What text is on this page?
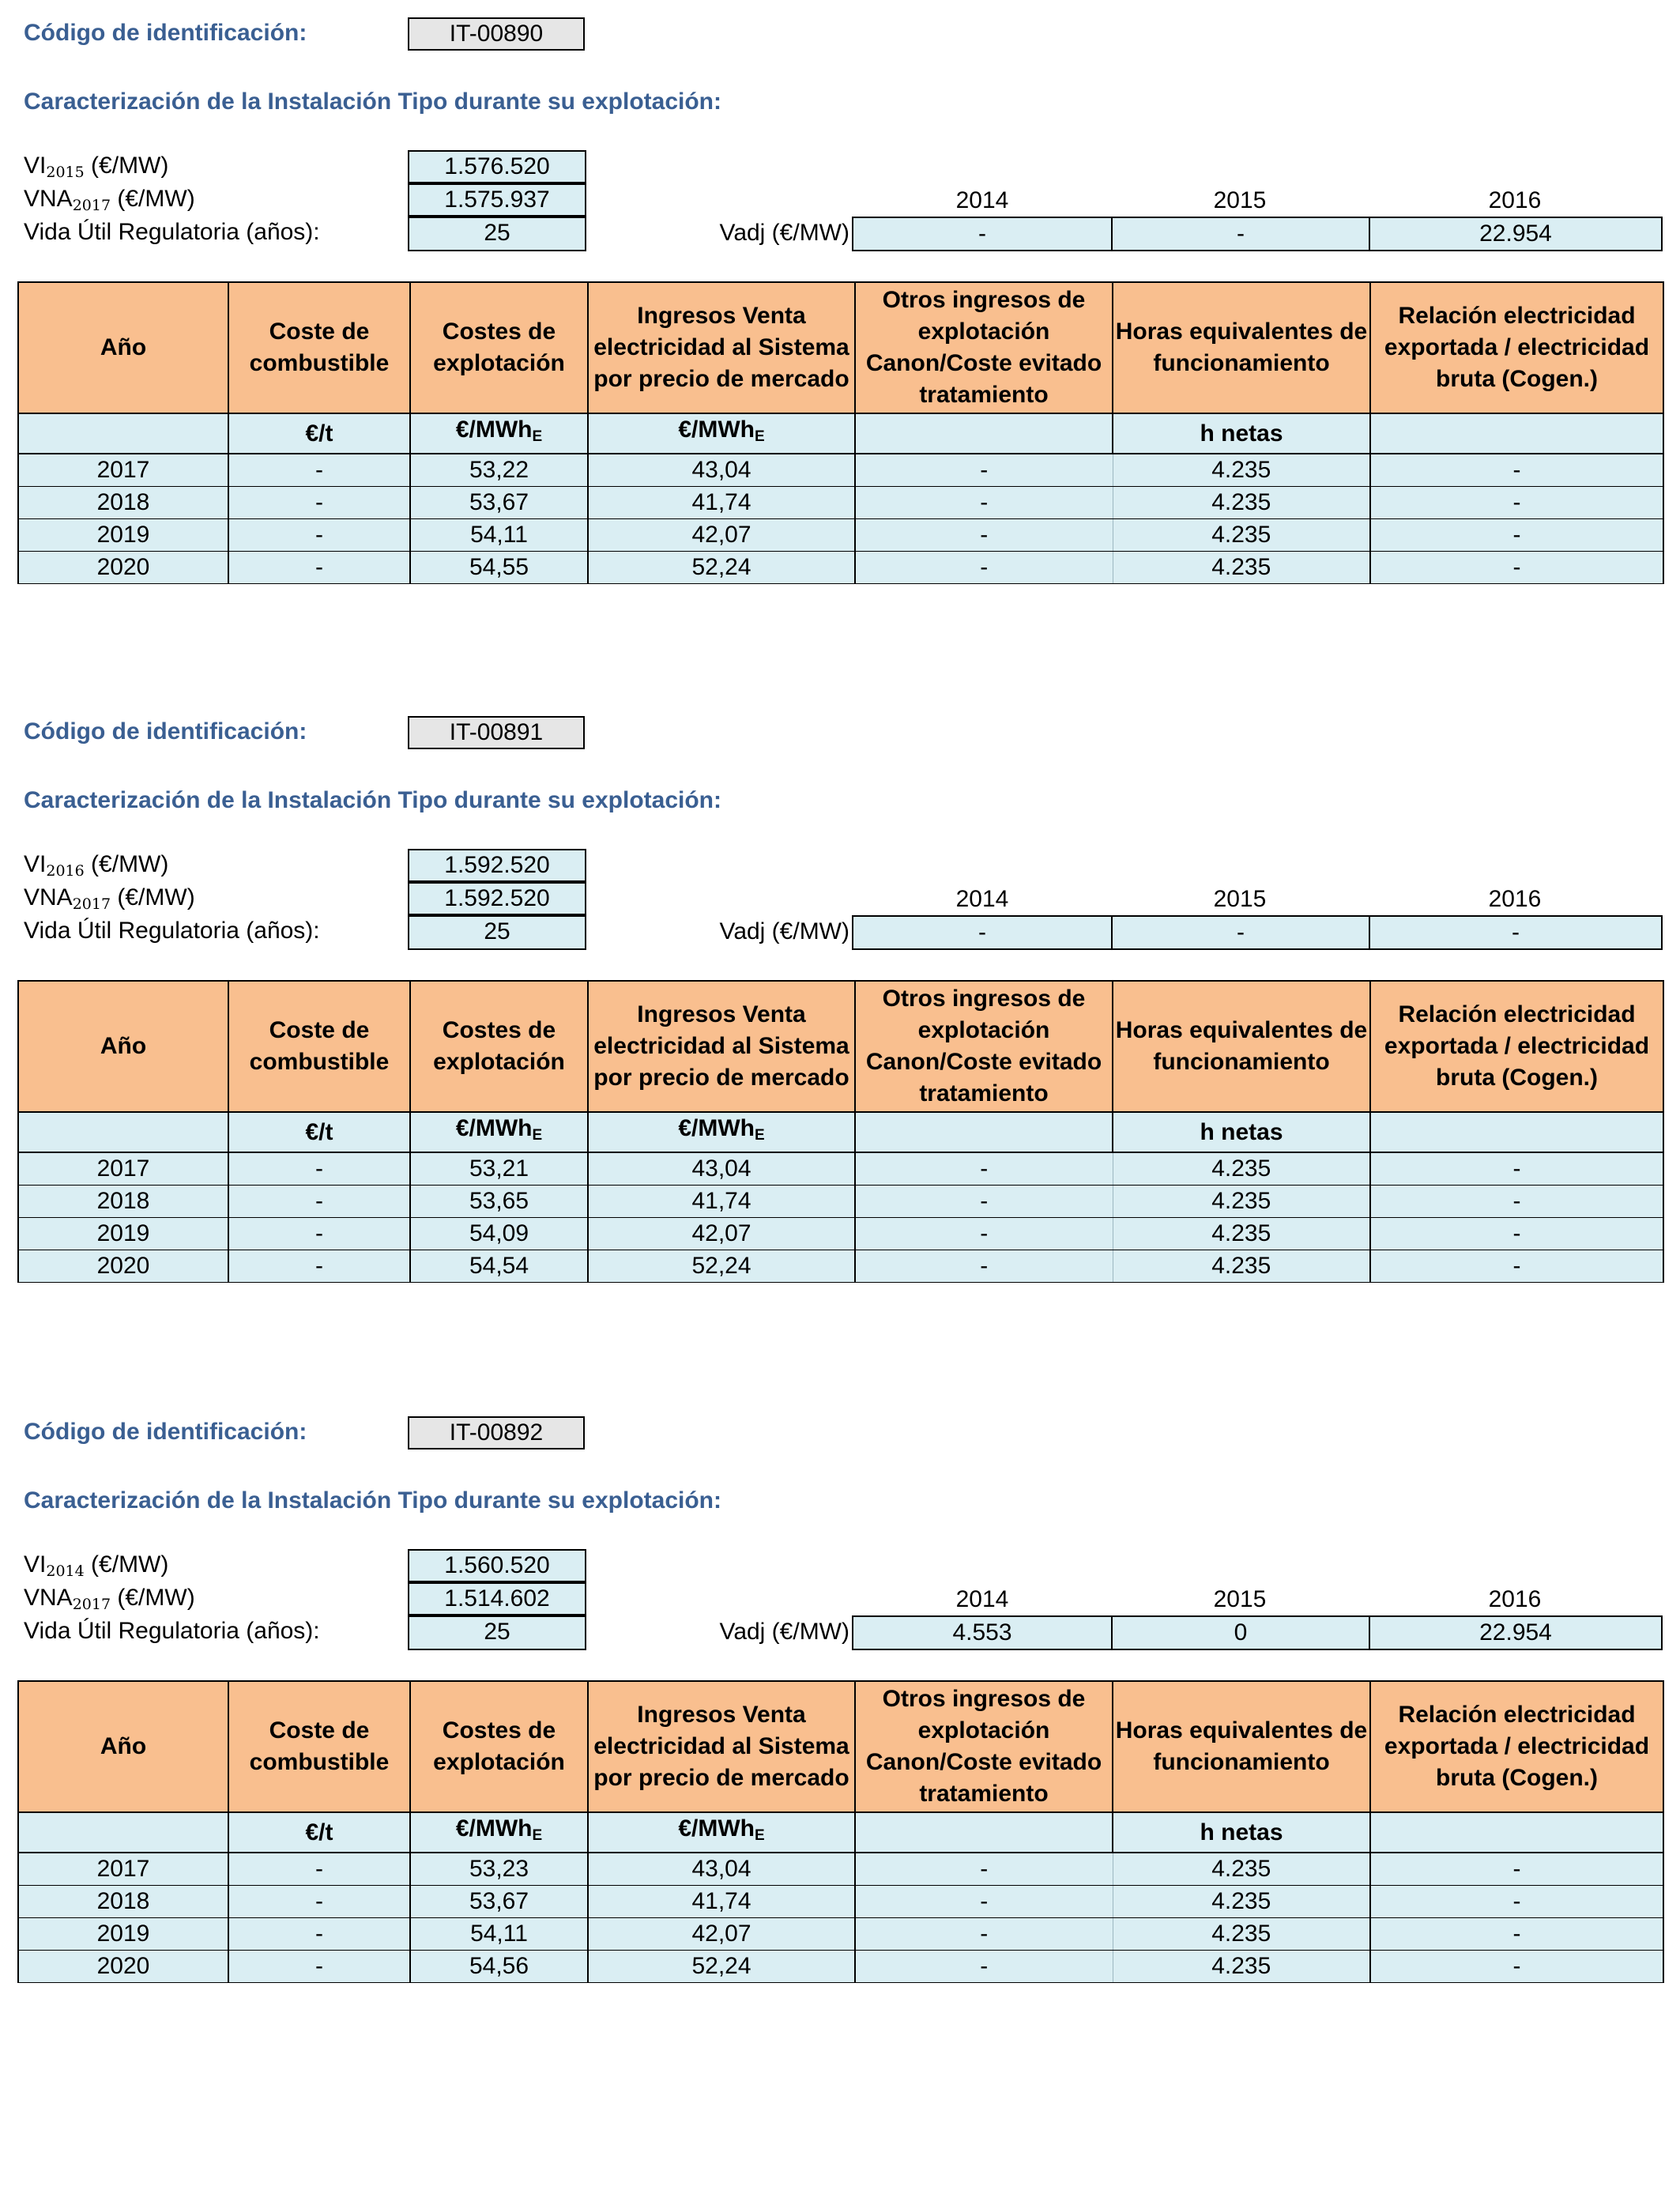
Código de identificación:	IT-00890
Caracterización de la Instalación Tipo durante su explotación:
$VI_{2015}$ (€/MW)	1.576.520
$VNA_{2017}$ (€/MW)	1.575.937
Vida Útil Regulatoria (años):	25
2014	2015	2016
Vadj (€/MW)	-	-	22.954
Año	Coste de combustible	Costes de explotación	Ingresos Venta electricidad al Sistema por precio de mercado	Otros ingresos de explotación Canon/Coste evitado tratamiento	Horas equivalentes de funcionamiento	Relación electricidad exportada / electricidad bruta (Cogen.)
	€/t	€/MWh$_E$	€/MWh$_E$		h netas	
2017	-	53,22	43,04	-	4.235	-
2018	-	53,67	41,74	-	4.235	-
2019	-	54,11	42,07	-	4.235	-
2020	-	54,55	52,24	-	4.235	-
Código de identificación:	IT-00891
Caracterización de la Instalación Tipo durante su explotación:
$VI_{2016}$ (€/MW)	1.592.520
$VNA_{2017}$ (€/MW)	1.592.520
Vida Útil Regulatoria (años):	25
2014	2015	2016
Vadj (€/MW)	-	-	-
Año	Coste de combustible	Costes de explotación	Ingresos Venta electricidad al Sistema por precio de mercado	Otros ingresos de explotación Canon/Coste evitado tratamiento	Horas equivalentes de funcionamiento	Relación electricidad exportada / electricidad bruta (Cogen.)
	€/t	€/MWh$_E$	€/MWh$_E$		h netas	
2017	-	53,21	43,04	-	4.235	-
2018	-	53,65	41,74	-	4.235	-
2019	-	54,09	42,07	-	4.235	-
2020	-	54,54	52,24	-	4.235	-
Código de identificación:	IT-00892
Caracterización de la Instalación Tipo durante su explotación:
$VI_{2014}$ (€/MW)	1.560.520
$VNA_{2017}$ (€/MW)	1.514.602
Vida Útil Regulatoria (años):	25
2014	2015	2016
Vadj (€/MW)	4.553	0	22.954
Año	Coste de combustible	Costes de explotación	Ingresos Venta electricidad al Sistema por precio de mercado	Otros ingresos de explotación Canon/Coste evitado tratamiento	Horas equivalentes de funcionamiento	Relación electricidad exportada / electricidad bruta (Cogen.)
	€/t	€/MWh$_E$	€/MWh$_E$		h netas	
2017	-	53,23	43,04	-	4.235	-
2018	-	53,67	41,74	-	4.235	-
2019	-	54,11	42,07	-	4.235	-
2020	-	54,56	52,24	-	4.235	-
